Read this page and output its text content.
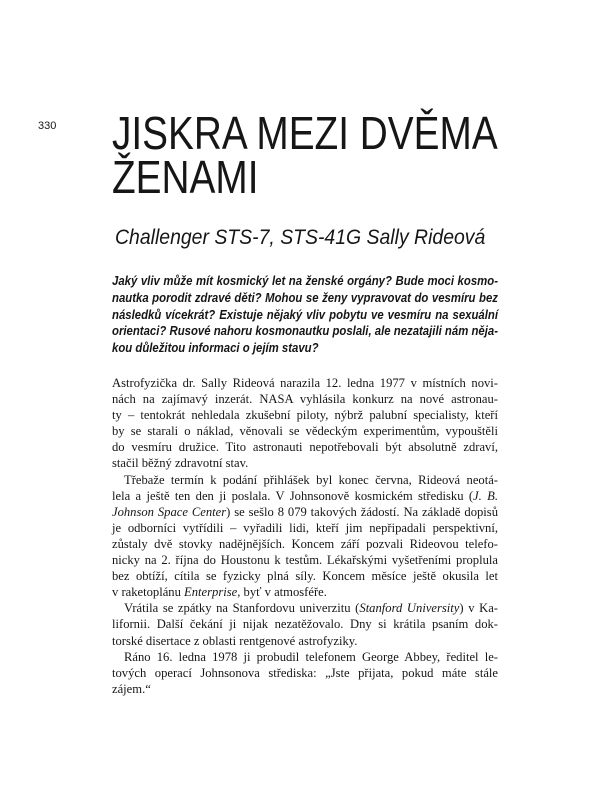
330 JISKRA MEZI DVĚMA
ŽENAMI
Challenger STS-7, STS-41G Sally Rideová
Jaký vliv může mít kosmický let na ženské orgány? Bude moci kosmo-
nautka porodit zdravé děti? Mohou se ženy vypravovat do vesmíru bez
následků vícekrát? Existuje nějaký vliv pobytu ve vesmíru na sexuální
orientaci? Rusové nahoru kosmonautku poslali, ale nezatajili nám něja-
kou důležitou informaci o jejím stavu?
Astrofyzička dr. Sally Rideová narazila 12. ledna 1977 v místních novi-
nách na zajímavý inzerát. NASA vyhlásila konkurz na nové astronau-
ty – tentokrát nehledala zkušební piloty, nýbrž palubní specialisty, kteří
by se starali o náklad, věnovali se vědeckým experimentům, vypouštěli
do vesmíru družice. Tito astronauti nepotřebovali být absolutně zdraví,
stačil běžný zdravotní stav.
Třebaže termín k podání přihlášek byl konec června, Rideová neotá-
lela a ještě ten den ji poslala. V Johnsonově kosmickém středisku (J. B.
Johnson Space Center) se sešlo 8 079 takových žádostí. Na základě dopisů
je odborníci vytřídili – vyřadili lidi, kteří jim nepřipadali perspektivní,
zůstaly dvě stovky nadějnějších. Koncem září pozvali Rideovou telefo-
nicky na 2. října do Houstonu k testům. Lékařskými vyšetřeními proplula
bez obtíží, cítila se fyzicky plná síly. Koncem měsíce ještě okusila let
v raketoplánu Enterprise, byť v atmosféře.
Vrátila se zpátky na Stanfordovu univerzitu (Stanford University) v Ka-
lifornii. Další čekání ji nijak nezatěžovalo. Dny si krátila psaním dok-
torské disertace z oblasti rentgenové astrofyziky.
Ráno 16. ledna 1978 ji probudil telefonem George Abbey, ředitel le-
tových operací Johnsonova střediska: „Jste přijata, pokud máte stále
zájem.“
